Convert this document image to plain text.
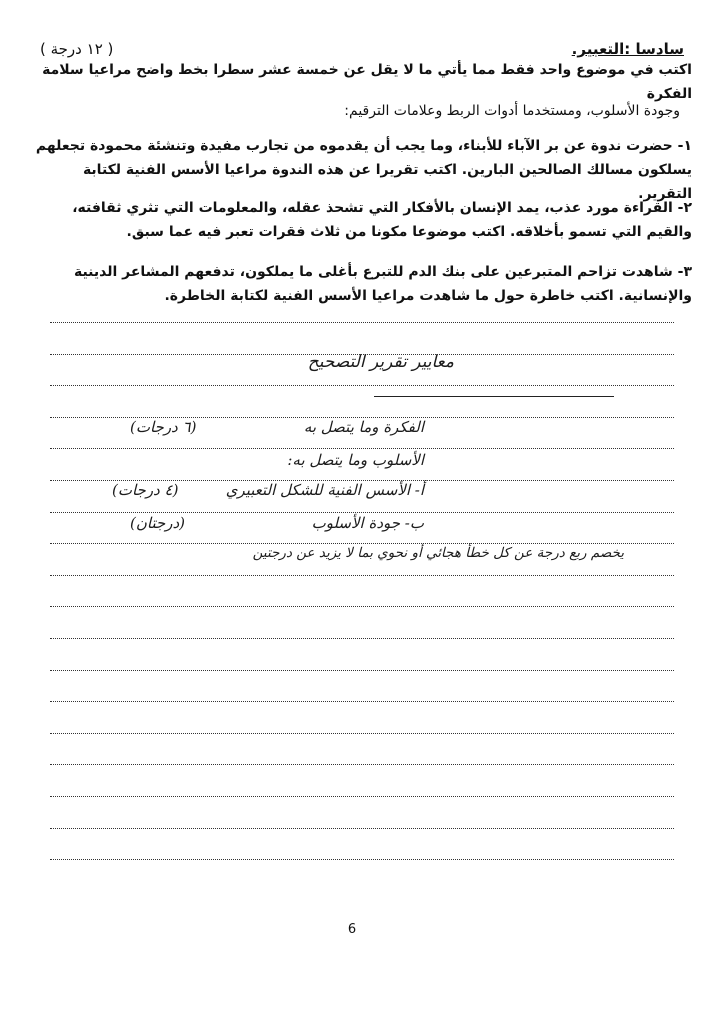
سادسا :التعبير.
( ١٢ درجة )
اكتب في موضوع واحد فقط مما يأتي ما لا يقل عن خمسة عشر سطرا بخط واضح مراعيا سلامة الفكرة
وجودة الأسلوب، ومستخدما أدوات الربط وعلامات الترقيم:
١- حضرت ندوة عن بر الآباء للأبناء، وما يجب أن يقدموه من تجارب مفيدة وتنشئة محمودة تجعلهم يسلكون مسالك الصالحين البارين. اكتب تقريرا عن هذه الندوة مراعيا الأسس الفنية لكتابة التقرير.
٢- القراءة مورد عذب، يمد الإنسان بالأفكار التي تشحذ عقله، والمعلومات التي تثري ثقافته، والقيم التي تسمو بأخلاقه. اكتب موضوعا مكونا من ثلاث فقرات تعبر فيه عما سبق.
٣- شاهدت تزاحم المتبرعين على بنك الدم للتبرع بأغلى ما يملكون، تدفعهم المشاعر الدينية والإنسانية. اكتب خاطرة حول ما شاهدت مراعيا الأسس الفنية لكتابة الخاطرة.
معايير تقرير التصحيح
الفكرة وما يتصل به
(٦ درجات)
الأسلوب وما يتصل به:
أ- الأسس الفنية للشكل التعبيري
(٤ درجات)
ب- جودة الأسلوب
(درجتان)
يخصم ربع درجة عن كل خطأ هجائي أو نحوي بما لا يزيد عن درجتين
6
